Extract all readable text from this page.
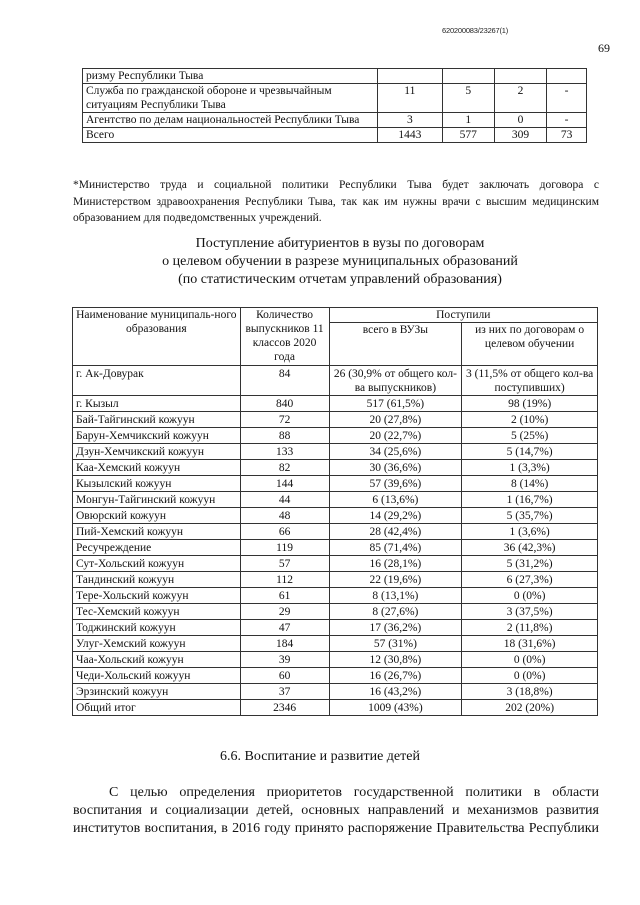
620200083/23267(1)
69
ризму Республики Тыва				
Служба по гражданской обороне и чрезвычайным ситуациям Республики Тыва	11	5	2	-
Агентство по делам национальностей Республики Тыва	3	1	0	-
Всего	1443	577	309	73
*Министерство труда и социальной политики Республики Тыва будет заключать договора с Министерством здравоохранения Республики Тыва, так как им нужны врачи с высшим медицинским образованием для подведомственных учреждений.
Поступление абитуриентов в вузы по договорам
о целевом обучении в разрезе муниципальных образований
(по статистическим отчетам управлений образования)
Наименование муниципаль-ного образования	Количество выпускников 11 классов 2020 года	Поступили	
		всего в ВУЗы	из них по договорам о целевом обучении
г. Ак-Довурак	84	26 (30,9% от общего кол-ва выпускников)	3 (11,5% от общего кол-ва поступивших)
г. Кызыл	840	517 (61,5%)	98 (19%)
Бай-Тайгинский кожуун	72	20 (27,8%)	2 (10%)
Барун-Хемчикский кожуун	88	20 (22,7%)	5 (25%)
Дзун-Хемчикский кожуун	133	34 (25,6%)	5 (14,7%)
Каа-Хемский кожуун	82	30 (36,6%)	1 (3,3%)
Кызылский кожуун	144	57 (39,6%)	8 (14%)
Монгун-Тайгинский кожуун	44	6 (13,6%)	1 (16,7%)
Овюрский кожуун	48	14 (29,2%)	5 (35,7%)
Пий-Хемский кожуун	66	28 (42,4%)	1 (3,6%)
Ресучреждение	119	85 (71,4%)	36 (42,3%)
Сут-Хольский кожуун	57	16 (28,1%)	5 (31,2%)
Тандинский кожуун	112	22 (19,6%)	6 (27,3%)
Тере-Хольский кожуун	61	8 (13,1%)	0 (0%)
Тес-Хемский кожуун	29	8 (27,6%)	3 (37,5%)
Тоджинский кожуун	47	17 (36,2%)	2 (11,8%)
Улуг-Хемский кожуун	184	57 (31%)	18 (31,6%)
Чаа-Хольский кожуун	39	12 (30,8%)	0 (0%)
Чеди-Хольский кожуун	60	16 (26,7%)	0 (0%)
Эрзинский кожуун	37	16 (43,2%)	3 (18,8%)
Общий итог	2346	1009 (43%)	202 (20%)
6.6. Воспитание и развитие детей
С целью определения приоритетов государственной политики в области воспитания и социализации детей, основных направлений и механизмов развития институтов воспитания, в 2016 году принято распоряжение Правительства Республики
